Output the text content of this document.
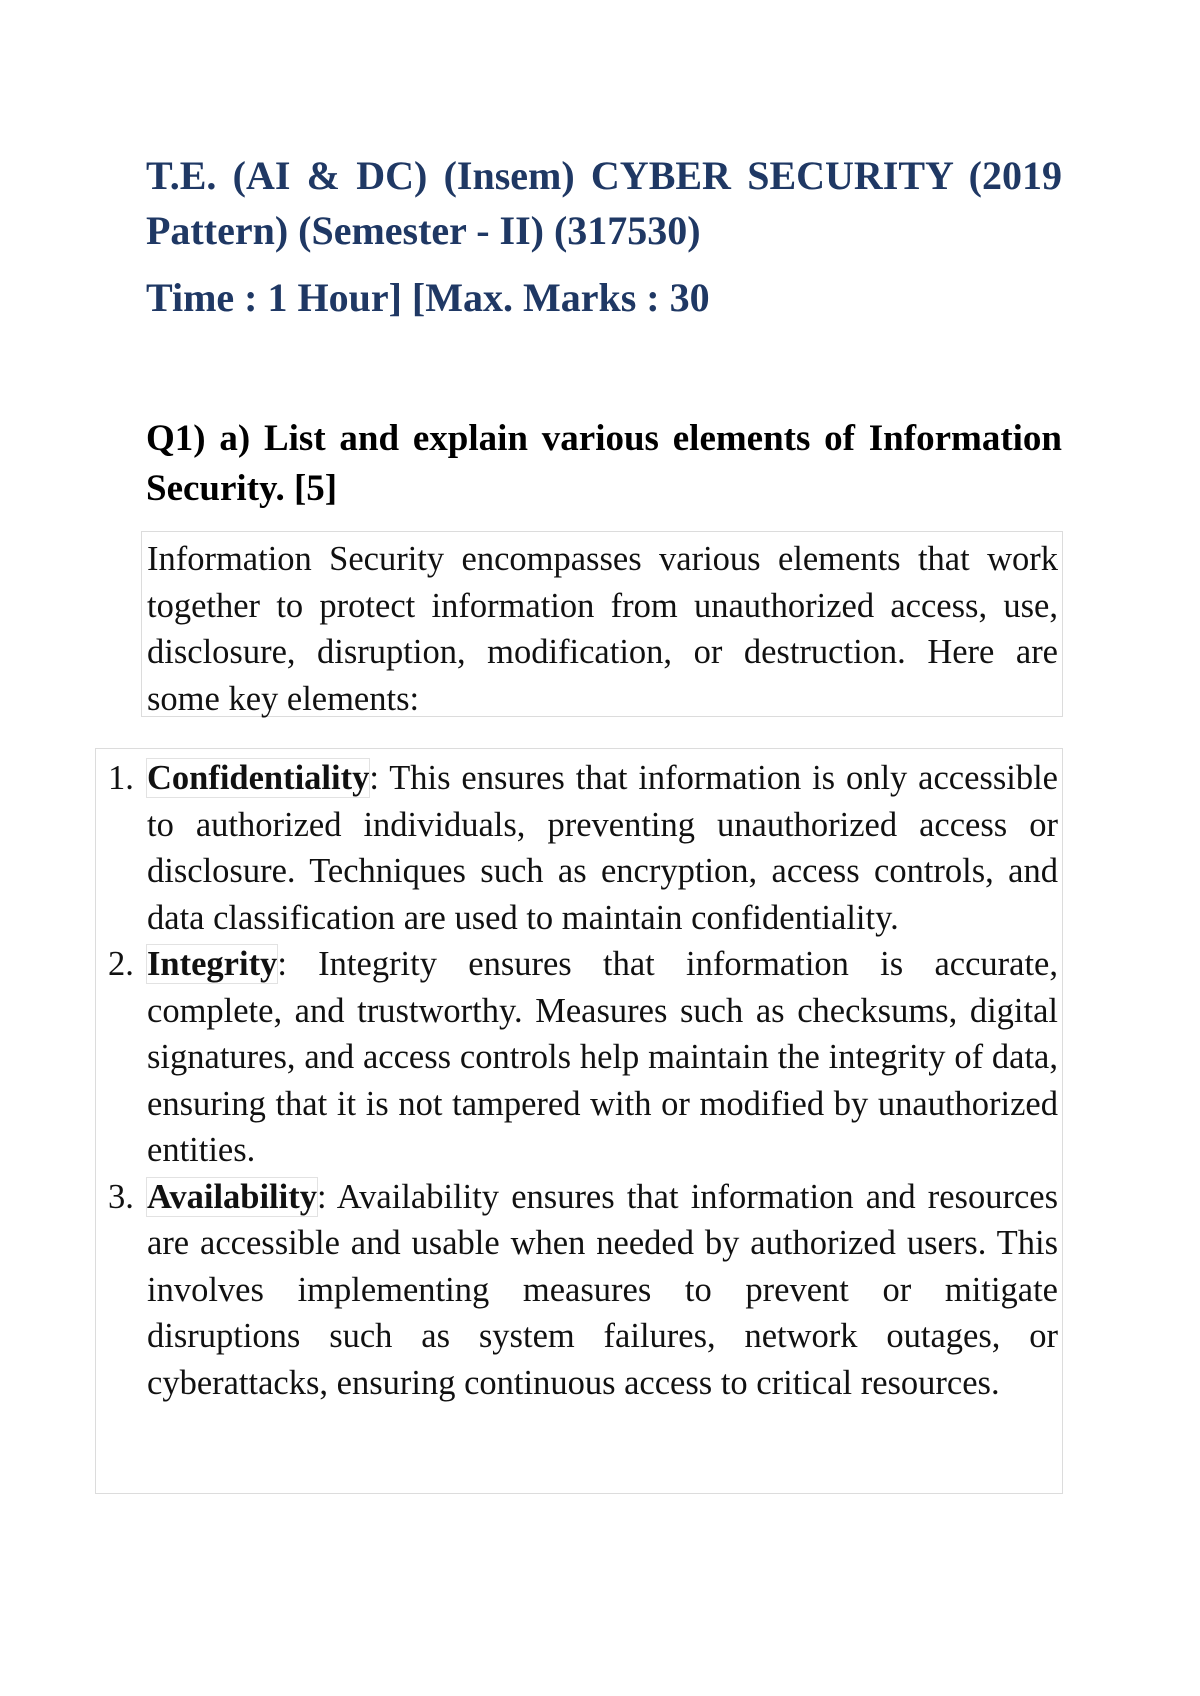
T.E. (AI & DC) (Insem) CYBER SECURITY (2019 Pattern) (Semester - II) (317530)
Time : 1 Hour] [Max. Marks : 30

Q1) a) List and explain various elements of Information Security. [5]

Information Security encompasses various elements that work together to protect information from unauthorized access, use, disclosure, disruption, modification, or destruction. Here are some key elements:

1. Confidentiality: This ensures that information is only accessible to authorized individuals, preventing unauthorized access or disclosure. Techniques such as encryption, access controls, and data classification are used to maintain confidentiality.
2. Integrity: Integrity ensures that information is accurate, complete, and trustworthy. Measures such as checksums, digital signatures, and access controls help maintain the integrity of data, ensuring that it is not tampered with or modified by unauthorized entities.
3. Availability: Availability ensures that information and resources are accessible and usable when needed by authorized users. This involves implementing measures to prevent or mitigate disruptions such as system failures, network outages, or cyberattacks, ensuring continuous access to critical resources.
